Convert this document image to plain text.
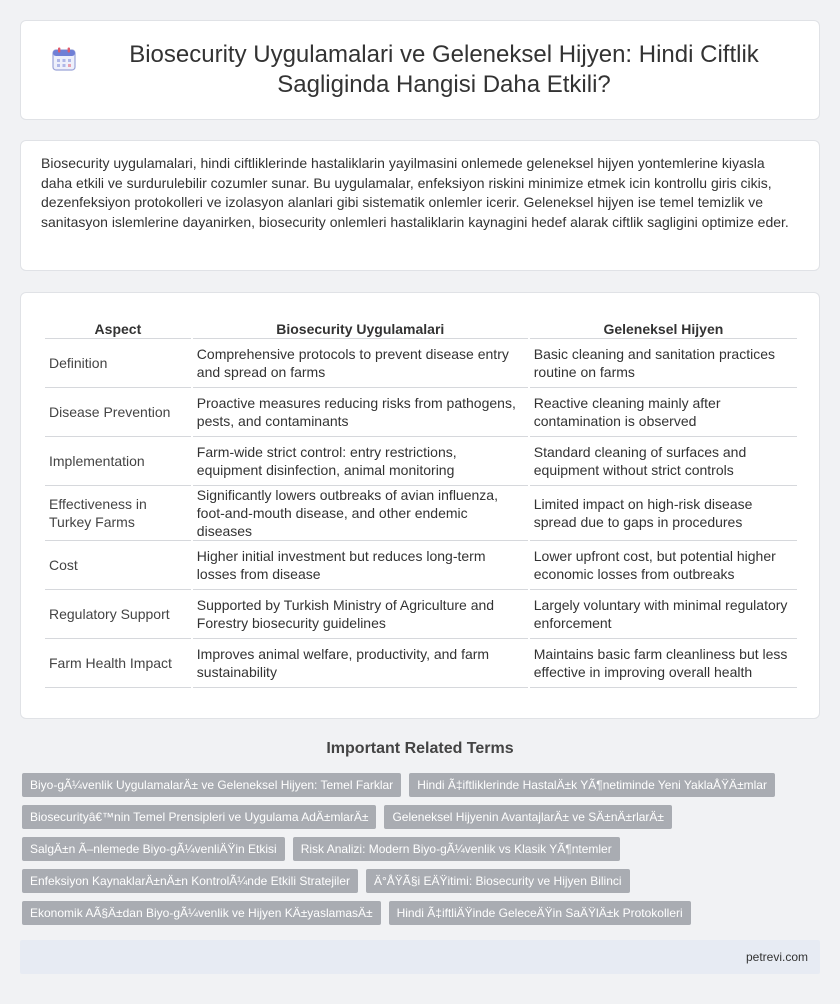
Biosecurity Uygulamalari ve Geleneksel Hijyen: Hindi Ciftlik Sagliginda Hangisi Daha Etkili?

Biosecurity uygulamalari, hindi ciftliklerinde hastaliklarin yayilmasini onlemede geleneksel hijyen yontemlerine kiyasla daha etkili ve surdurulebilir cozumler sunar. Bu uygulamalar, enfeksiyon riskini minimize etmek icin kontrollu giris cikis, dezenfeksiyon protokolleri ve izolasyon alanlari gibi sistematik onlemler icerir. Geleneksel hijyen ise temel temizlik ve sanitasyon islemlerine dayanirken, biosecurity onlemleri hastaliklarin kaynagini hedef alarak ciftlik sagligini optimize eder.

Aspect	Biosecurity Uygulamalari	Geleneksel Hijyen
Definition	Comprehensive protocols to prevent disease entry and spread on farms	Basic cleaning and sanitation practices routine on farms
Disease Prevention	Proactive measures reducing risks from pathogens, pests, and contaminants	Reactive cleaning mainly after contamination is observed
Implementation	Farm-wide strict control: entry restrictions, equipment disinfection, animal monitoring	Standard cleaning of surfaces and equipment without strict controls
Effectiveness in Turkey Farms	Significantly lowers outbreaks of avian influenza, foot-and-mouth disease, and other endemic diseases	Limited impact on high-risk disease spread due to gaps in procedures
Cost	Higher initial investment but reduces long-term losses from disease	Lower upfront cost, but potential higher economic losses from outbreaks
Regulatory Support	Supported by Turkish Ministry of Agriculture and Forestry biosecurity guidelines	Largely voluntary with minimal regulatory enforcement
Farm Health Impact	Improves animal welfare, productivity, and farm sustainability	Maintains basic farm cleanliness but less effective in improving overall health
Important Related Terms
Biyo-gÃ¼venlik UygulamalarÄ± ve Geleneksel Hijyen: Temel Farklar	Hindi Ã‡iftliklerinde HastalÄ±k YÃ¶netiminde Yeni YaklaÅŸÄ±mlar
Biosecurityâ€™nin Temel Prensipleri ve Uygulama AdÄ±mlarÄ±	Geleneksel Hijyenin AvantajlarÄ± ve SÄ±nÄ±rlarÄ±
SalgÄ±n Ã–nlemede Biyo-gÃ¼venliÄŸin Etkisi	Risk Analizi: Modern Biyo-gÃ¼venlik vs Klasik YÃ¶ntemler
Enfeksiyon KaynaklarÄ±nÄ±n KontrolÃ¼nde Etkili Stratejiler	Ä°ÅŸÃ§i EÄŸitimi: Biosecurity ve Hijyen Bilinci
Ekonomik AÃ§Ä±dan Biyo-gÃ¼venlik ve Hijyen KÄ±yaslamasÄ±	Hindi Ã‡iftliÄŸinde GeleceÄŸin SaÄŸlÄ±k Protokolleri
petrevi.com
